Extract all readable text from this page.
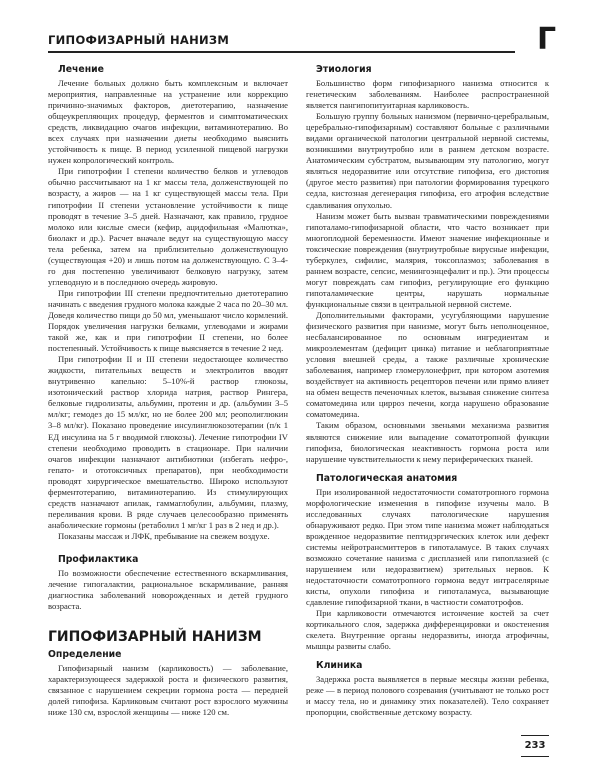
ГИПОФИЗАРНЫЙ НАНИЗМ	Г
Лечение

Лечение больных должно быть комплексным и включает мероприятия, направленные на устранение или коррекцию причинно-значимых факторов, диетотерапию, назначение общеукрепляющих процедур, ферментов и симптоматических средств, ликвидацию очагов инфекции, витаминотерапию. Во всех случаях при назначении диеты необходимо выяснить устойчивость к пище. В период усиленной пищевой нагрузки нужен копрологический контроль.

При гипотрофии I степени количество белков и углеводов обычно рассчитывают на 1 кг массы тела, долженствующей по возрасту, а жиров — на 1 кг существующей массы тела. При гипотрофии II степени установление устойчивости к пище проводят в течение 3–5 дней. Назначают, как правило, грудное молоко или кислые смеси (кефир, ацидофильная «Малютка», биолакт и др.). Расчет вначале ведут на существующую массу тела ребенка, затем на приблизительно долженствующую (существующая +20) и лишь потом на долженствующую. С 3–4-го дня постепенно увеличивают белковую нагрузку, затем углеводную и в последнюю очередь жировую.

При гипотрофии III степени предпочтительно диетотерапию начинать с введения грудного молока каждые 2 часа по 20–30 мл. Доведя количество пищи до 50 мл, уменьшают число кормлений. Порядок увеличения нагрузки белками, углеводами и жирами такой же, как и при гипотрофии II степени, но более постепенный. Устойчивость к пище выясняется в течение 2 нед.

При гипотрофии II и III степени недостающее количество жидкости, питательных веществ и электролитов вводят внутривенно капельно: 5–10%-й раствор глюкозы, изотонический раствор хлорида натрия, раствор Рингера, белковые гидролизаты, альбумин, протеин и др. (альбумин 3–5 мл/кг; гемодез до 15 мл/кг, но не более 200 мл; реополиглюкин 3–8 мл/кг). Показано проведение инсулинглюкозотерапии (п/к 1 ЕД инсулина на 5 г вводимой глюкозы). Лечение гипотрофии IV степени необходимо проводить в стационаре. При наличии очагов инфекции назначают антибиотики (избегать нефро-, гепато- и ототоксичных препаратов), при необходимости проводят хирургическое вмешательство. Широко используют ферментотерапию, витаминотерапию. Из стимулирующих средств назначают апилак, гаммаглобулин, альбумин, плазму, переливания крови. В ряде случаев целесообразно применять анаболические гормоны (ретаболил 1 мг/кг 1 раз в 2 нед и др.).

Показаны массаж и ЛФК, пребывание на свежем воздухе.

Профилактика

По возможности обеспечение естественного вскармливания, лечение гипогалактии, рациональное вскармливание, ранняя диагностика заболеваний новорожденных и детей грудного возраста.

ГИПОФИЗАРНЫЙ НАНИЗМ
Определение

Гипофизарный нанизм (карликовость) — заболевание, характеризующееся задержкой роста и физического развития, связанное с нарушением секреции гормона роста — передней долей гипофиза. Карликовым считают рост взрослого мужчины ниже 130 см, взрослой женщины — ниже 120 см.

Этиология

Большинство форм гипофизарного нанизма относится к генетическим заболеваниям. Наиболее распространенной является пангипопитуитарная карликовость.

Большую группу больных нанизмом (первично-церебральным, церебрально-гипофизарным) составляют больные с различными видами органической патологии центральной нервной системы, возникшими внутриутробно или в раннем детском возрасте. Анатомическим субстратом, вызывающим эту патологию, могут являться недоразвитие или отсутствие гипофиза, его дистопия (другое место развития) при патологии формирования турецкого седла, кистозная дегенерация гипофиза, его атрофия вследствие сдавливания опухолью.

Нанизм может быть вызван травматическими повреждениями гипоталамо-гипофизарной области, что часто возникает при многоплодной беременности. Имеют значение инфекционные и токсические повреждения (внутриутробные вирусные инфекции, туберкулез, сифилис, малярия, токсоплазмоз; заболевания в раннем возрасте, сепсис, менингоэнцефалит и пр.). Эти процессы могут повреждать сам гипофиз, регулирующие его функцию гипоталамические центры, нарушать нормальные функциональные связи в центральной нервной системе.

Дополнительными факторами, усугубляющими нарушение физического развития при нанизме, могут быть неполноценное, несбалансированное по основным ингредиентам и микроэлементам (дефицит цинка) питание и неблагоприятные условия внешней среды, а также различные хронические заболевания, например гломерулонефрит, при котором азотемия воздействует на активность рецепторов печени или прямо влияет на обмен веществ печеночных клеток, вызывая снижение синтеза соматомедина или цирроз печени, когда нарушено образование соматомедина.

Таким образом, основными звеньями механизма развития являются снижение или выпадение соматотропной функции гипофиза, биологическая неактивность гормона роста или нарушение чувствительности к нему периферических тканей.

Патологическая анатомия

При изолированной недостаточности соматотропного гормона морфологические изменения в гипофизе изучены мало. В исследованных случаях патологические нарушения обнаруживают редко. При этом типе нанизма может наблюдаться врожденное недоразвитие пептидэргических клеток или дефект системы нейротрансмиттеров в гипоталамусе. В таких случаях возможно сочетание нанизма с дисплазией или гипоплазией (с нарушением или недоразвитием) зрительных нервов. К недостаточности соматотропного гормона ведут интраселярные кисты, опухоли гипофиза и гипоталамуса, вызывающие сдавление гипофизарной ткани, в частности соматотрофов.

При карликовости отмечаются истончение костей за счет кортикального слоя, задержка дифференцировки и окостенения скелета. Внутренние органы недоразвиты, иногда атрофичны, мышцы развиты слабо.

Клиника

Задержка роста выявляется в первые месяцы жизни ребенка, реже — в период полового созревания (учитывают не только рост и массу тела, но и динамику этих показателей). Тело сохраняет пропорции, свойственные детскому возрасту.

233
